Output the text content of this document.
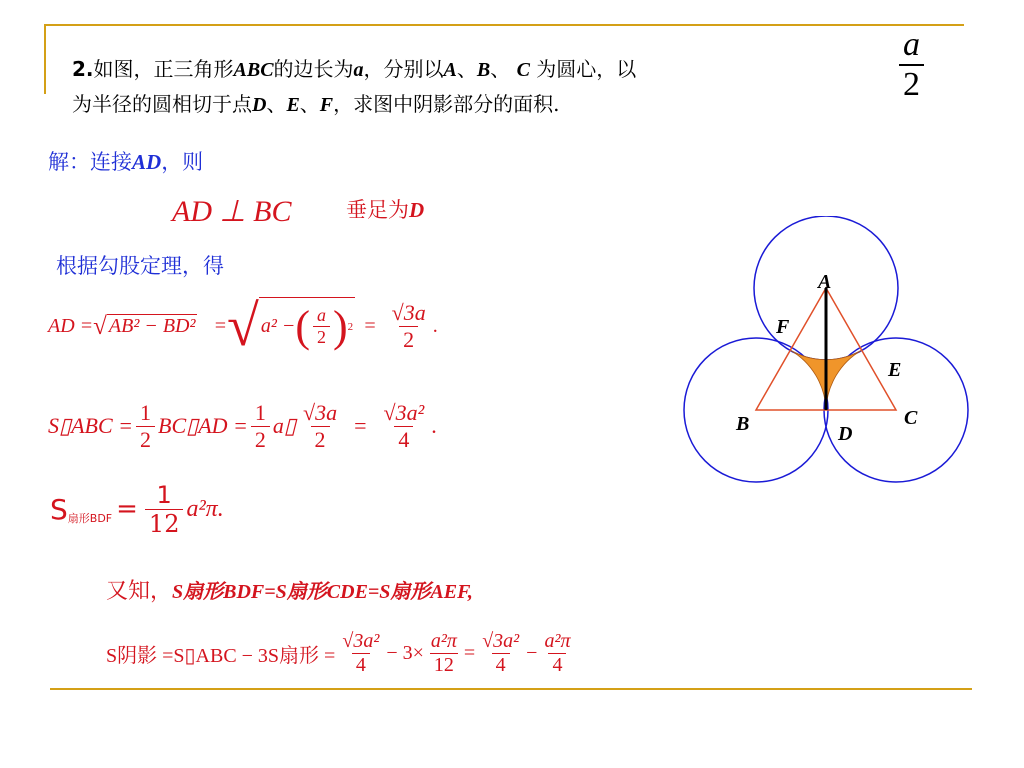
$\frac{a}{2}$
2.如图，正三角形ABC的边长为a，分别以A、B、 C 为圆心，以
为半径的圆相切于点D、E、F，求图中阴影部分的面积.
解：连接AD，则
AD ⊥ BC	垂足为D
根据勾股定理，得
AD = √ AB² − BD² = √ a² − ( $\frac{a}{2}$ ) $2 = \frac{√3a}{2}$ .
S▯ABC = $\frac{1}{2}$ BC▯AD = $\frac{1}{2}$ a▯ $\frac{√3a}{2} = \frac{\text{√3a²}}{4}$ .
S 扇形BDF = $\frac{1}{12} a^2\pi$.
又知，S扇形BDF=S扇形CDE=S扇形AEF,
S阴影 =S▯ABC − 3S扇形 = $\frac{\text{√3a²}}{4} - 3\times \frac{\text{a²π}}{12} = \frac{\text{√3a²}}{4} - \frac{\text{a²π}}{4}$
A
F
E
B	C
D
